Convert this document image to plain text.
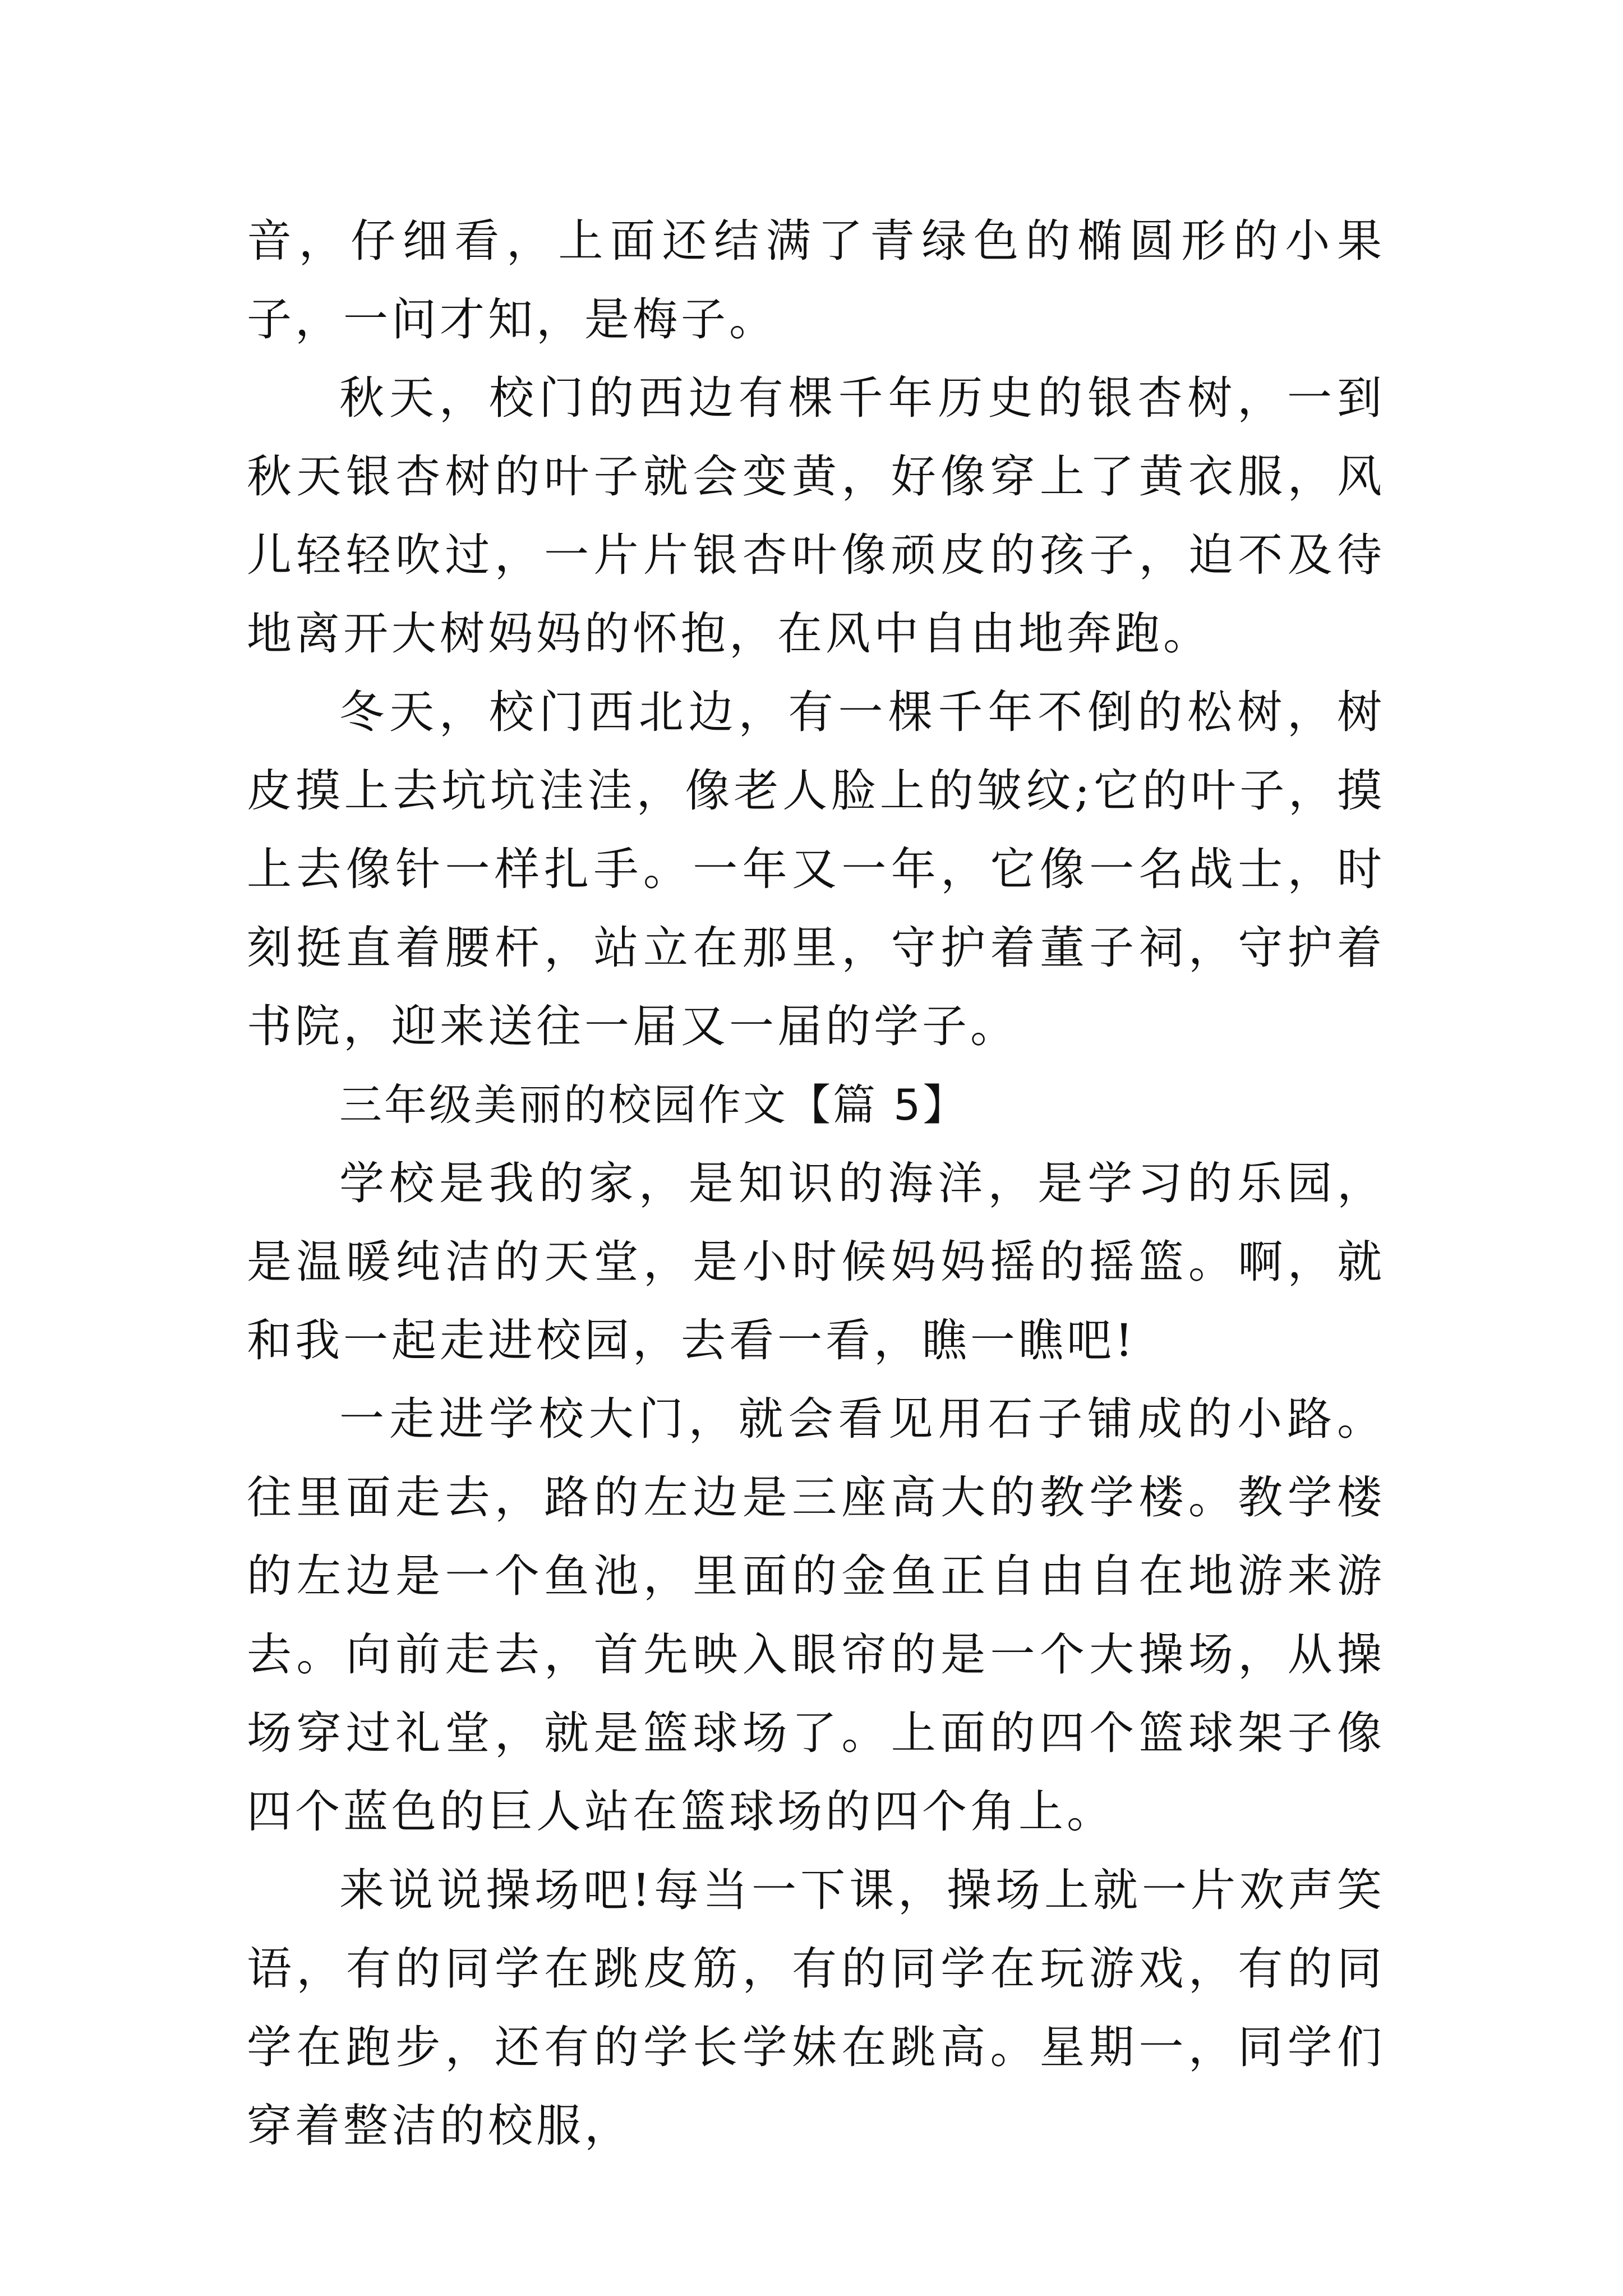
音，仔细看，上面还结满了青绿色的椭圆形的小果子，一问才知，是梅子。

秋天，校门的西边有棵千年历史的银杏树，一到秋天银杏树的叶子就会变黄，好像穿上了黄衣服，风儿轻轻吹过，一片片银杏叶像顽皮的孩子，迫不及待地离开大树妈妈的怀抱，在风中自由地奔跑。

冬天，校门西北边，有一棵千年不倒的松树，树皮摸上去坑坑洼洼，像老人脸上的皱纹;它的叶子，摸上去像针一样扎手。一年又一年，它像一名战士，时刻挺直着腰杆，站立在那里，守护着董子祠，守护着书院，迎来送往一届又一届的学子。

三年级美丽的校园作文【篇 5】

学校是我的家，是知识的海洋，是学习的乐园，是温暖纯洁的天堂，是小时候妈妈摇的摇篮。啊，就和我一起走进校园，去看一看，瞧一瞧吧!

一走进学校大门，就会看见用石子铺成的小路。往里面走去，路的左边是三座高大的教学楼。教学楼的左边是一个鱼池，里面的金鱼正自由自在地游来游去。向前走去，首先映入眼帘的是一个大操场，从操场穿过礼堂，就是篮球场了。上面的四个篮球架子像四个蓝色的巨人站在篮球场的四个角上。

来说说操场吧!每当一下课，操场上就一片欢声笑语，有的同学在跳皮筋，有的同学在玩游戏，有的同学在跑步，还有的学长学妹在跳高。星期一，同学们穿着整洁的校服，
